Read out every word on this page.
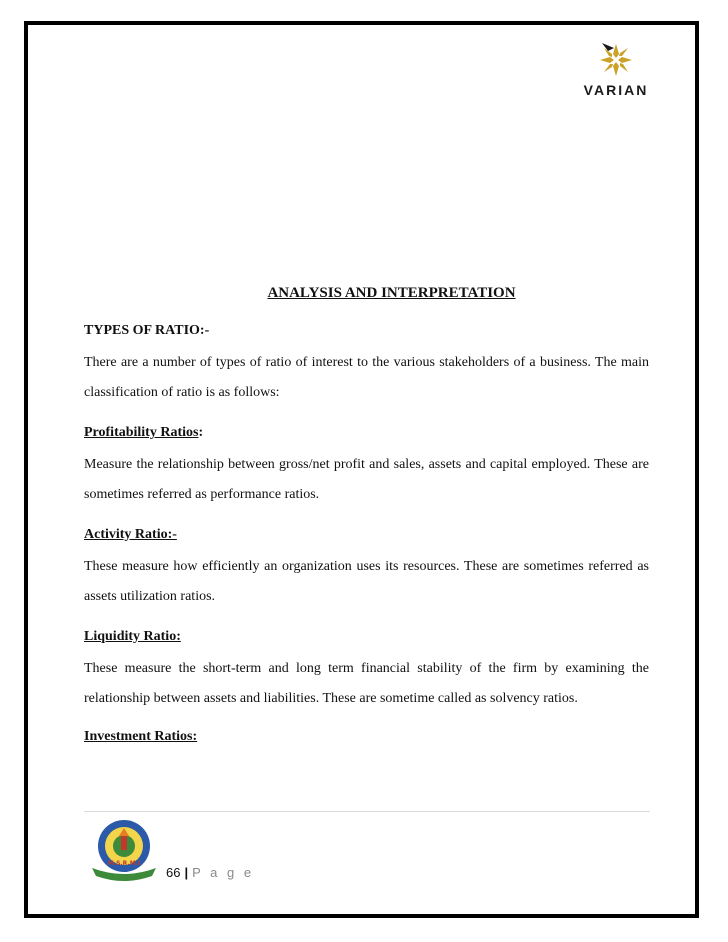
VARIAN
ANALYSIS AND INTERPRETATION

TYPES OF RATIO:-

There are a number of types of ratio of interest to the various stakeholders of a business. The main classification of ratio is as follows:

Profitability Ratios:

Measure the relationship between gross/net profit and sales, assets and capital employed. These are sometimes referred as performance ratios.

Activity Ratio:-

These measure how efficiently an organization uses its resources. These are sometimes referred as assets utilization ratios.

Liquidity Ratio:

These measure the short-term and long term financial stability of the firm by examining the relationship between assets and liabilities. These are sometime called as solvency ratios.

Investment Ratios:

M.S.R.M.I
66 | P a g e
